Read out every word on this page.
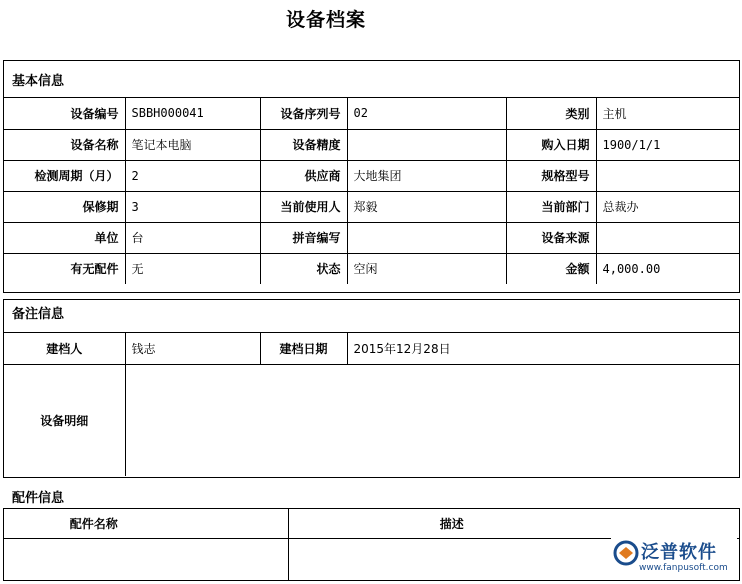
设备档案
基本信息
设备编号	SBBH000041	设备序列号	02	类别	主机
设备名称	笔记本电脑	设备精度		购入日期	1900/1/1
检测周期（月）	2	供应商	大地集团	规格型号	
保修期	3	当前使用人	郑毅	当前部门	总裁办
单位	台	拼音编写		设备来源	
有无配件	无	状态	空闲	金额	4,000.00
备注信息
建档人	钱志	建档日期	2015年12月28日
设备明细			
配件信息
配件名称	描述

泛普软件
www.fanpusoft.com
